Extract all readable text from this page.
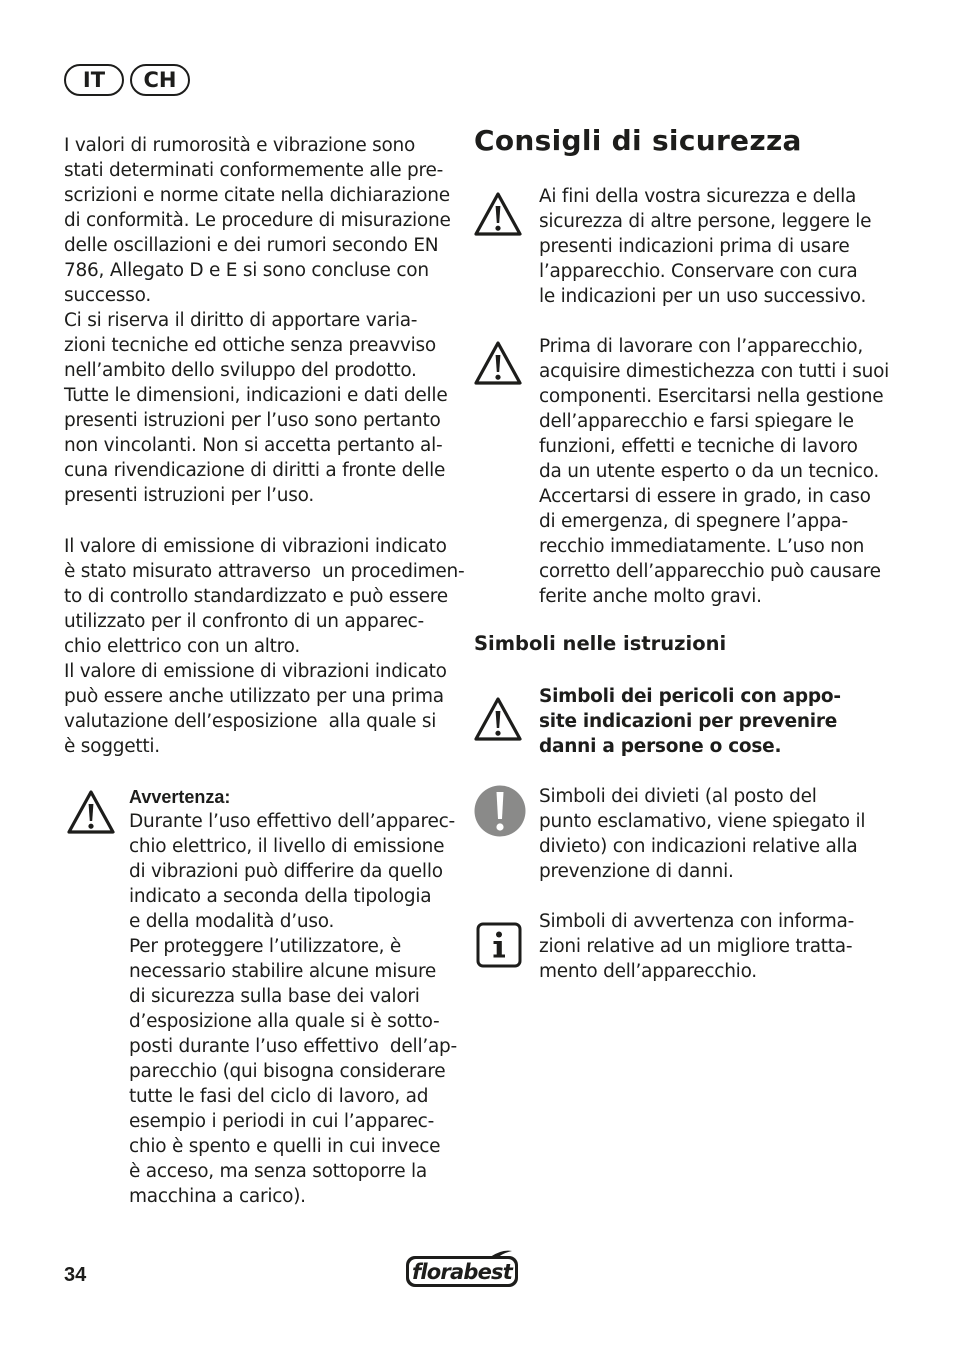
IT	CH
I valori di rumorosità e vibrazione sono
stati determinati conformemente alle pre-
scrizioni e norme citate nella dichiarazione
di conformità. Le procedure di misurazione
delle oscillazioni e dei rumori secondo EN
786, Allegato D e E si sono concluse con
successo.
Ci si riserva il diritto di apportare varia-
zioni tecniche ed ottiche senza preavviso
nell’ambito dello sviluppo del prodotto.
Tutte le dimensioni, indicazioni e dati delle
presenti istruzioni per l’uso sono pertanto
non vincolanti. Non si accetta pertanto al-
cuna rivendicazione di diritti a fronte delle
presenti istruzioni per l’uso.
Il valore di emissione di vibrazioni indicato
è stato misurato attraverso  un procedimen-
to di controllo standardizzato e può essere
utilizzato per il confronto di un apparec-
chio elettrico con un altro.
Il valore di emissione di vibrazioni indicato
può essere anche utilizzato per una prima
valutazione dell’esposizione  alla quale si
è soggetti.
Avvertenza:
Durante l’uso effettivo dell’apparec-
chio elettrico, il livello di emissione
di vibrazioni può differire da quello
indicato a seconda della tipologia
e della modalità d’uso.
Per proteggere l’utilizzatore, è
necessario stabilire alcune misure
di sicurezza sulla base dei valori
d’esposizione alla quale si è sotto-
posti durante l’uso effettivo  dell’ap-
parecchio (qui bisogna considerare
tutte le fasi del ciclo di lavoro, ad
esempio i periodi in cui l’apparec-
chio è spento e quelli in cui invece
è acceso, ma senza sottoporre la
macchina a carico).
Consigli di sicurezza
Ai fini della vostra sicurezza e della
sicurezza di altre persone, leggere le
presenti indicazioni prima di usare
l’apparecchio. Conservare con cura
le indicazioni per un uso successivo.
Prima di lavorare con l’apparecchio,
acquisire dimestichezza con tutti i suoi
componenti. Esercitarsi nella gestione
dell’apparecchio e farsi spiegare le
funzioni, effetti e tecniche di lavoro
da un utente esperto o da un tecnico.
Accertarsi di essere in grado, in caso
di emergenza, di spegnere l’appa-
recchio immediatamente. L’uso non
corretto dell’apparecchio può causare
ferite anche molto gravi.
Simboli nelle istruzioni
Simboli dei pericoli con appo-
site indicazioni per prevenire
danni a persone o cose.
Simboli dei divieti (al posto del
punto esclamativo, viene spiegato il
divieto) con indicazioni relative alla
prevenzione di danni.
Simboli di avvertenza con informa-
zioni relative ad un migliore tratta-
mento dell’apparecchio.
34	florabest
